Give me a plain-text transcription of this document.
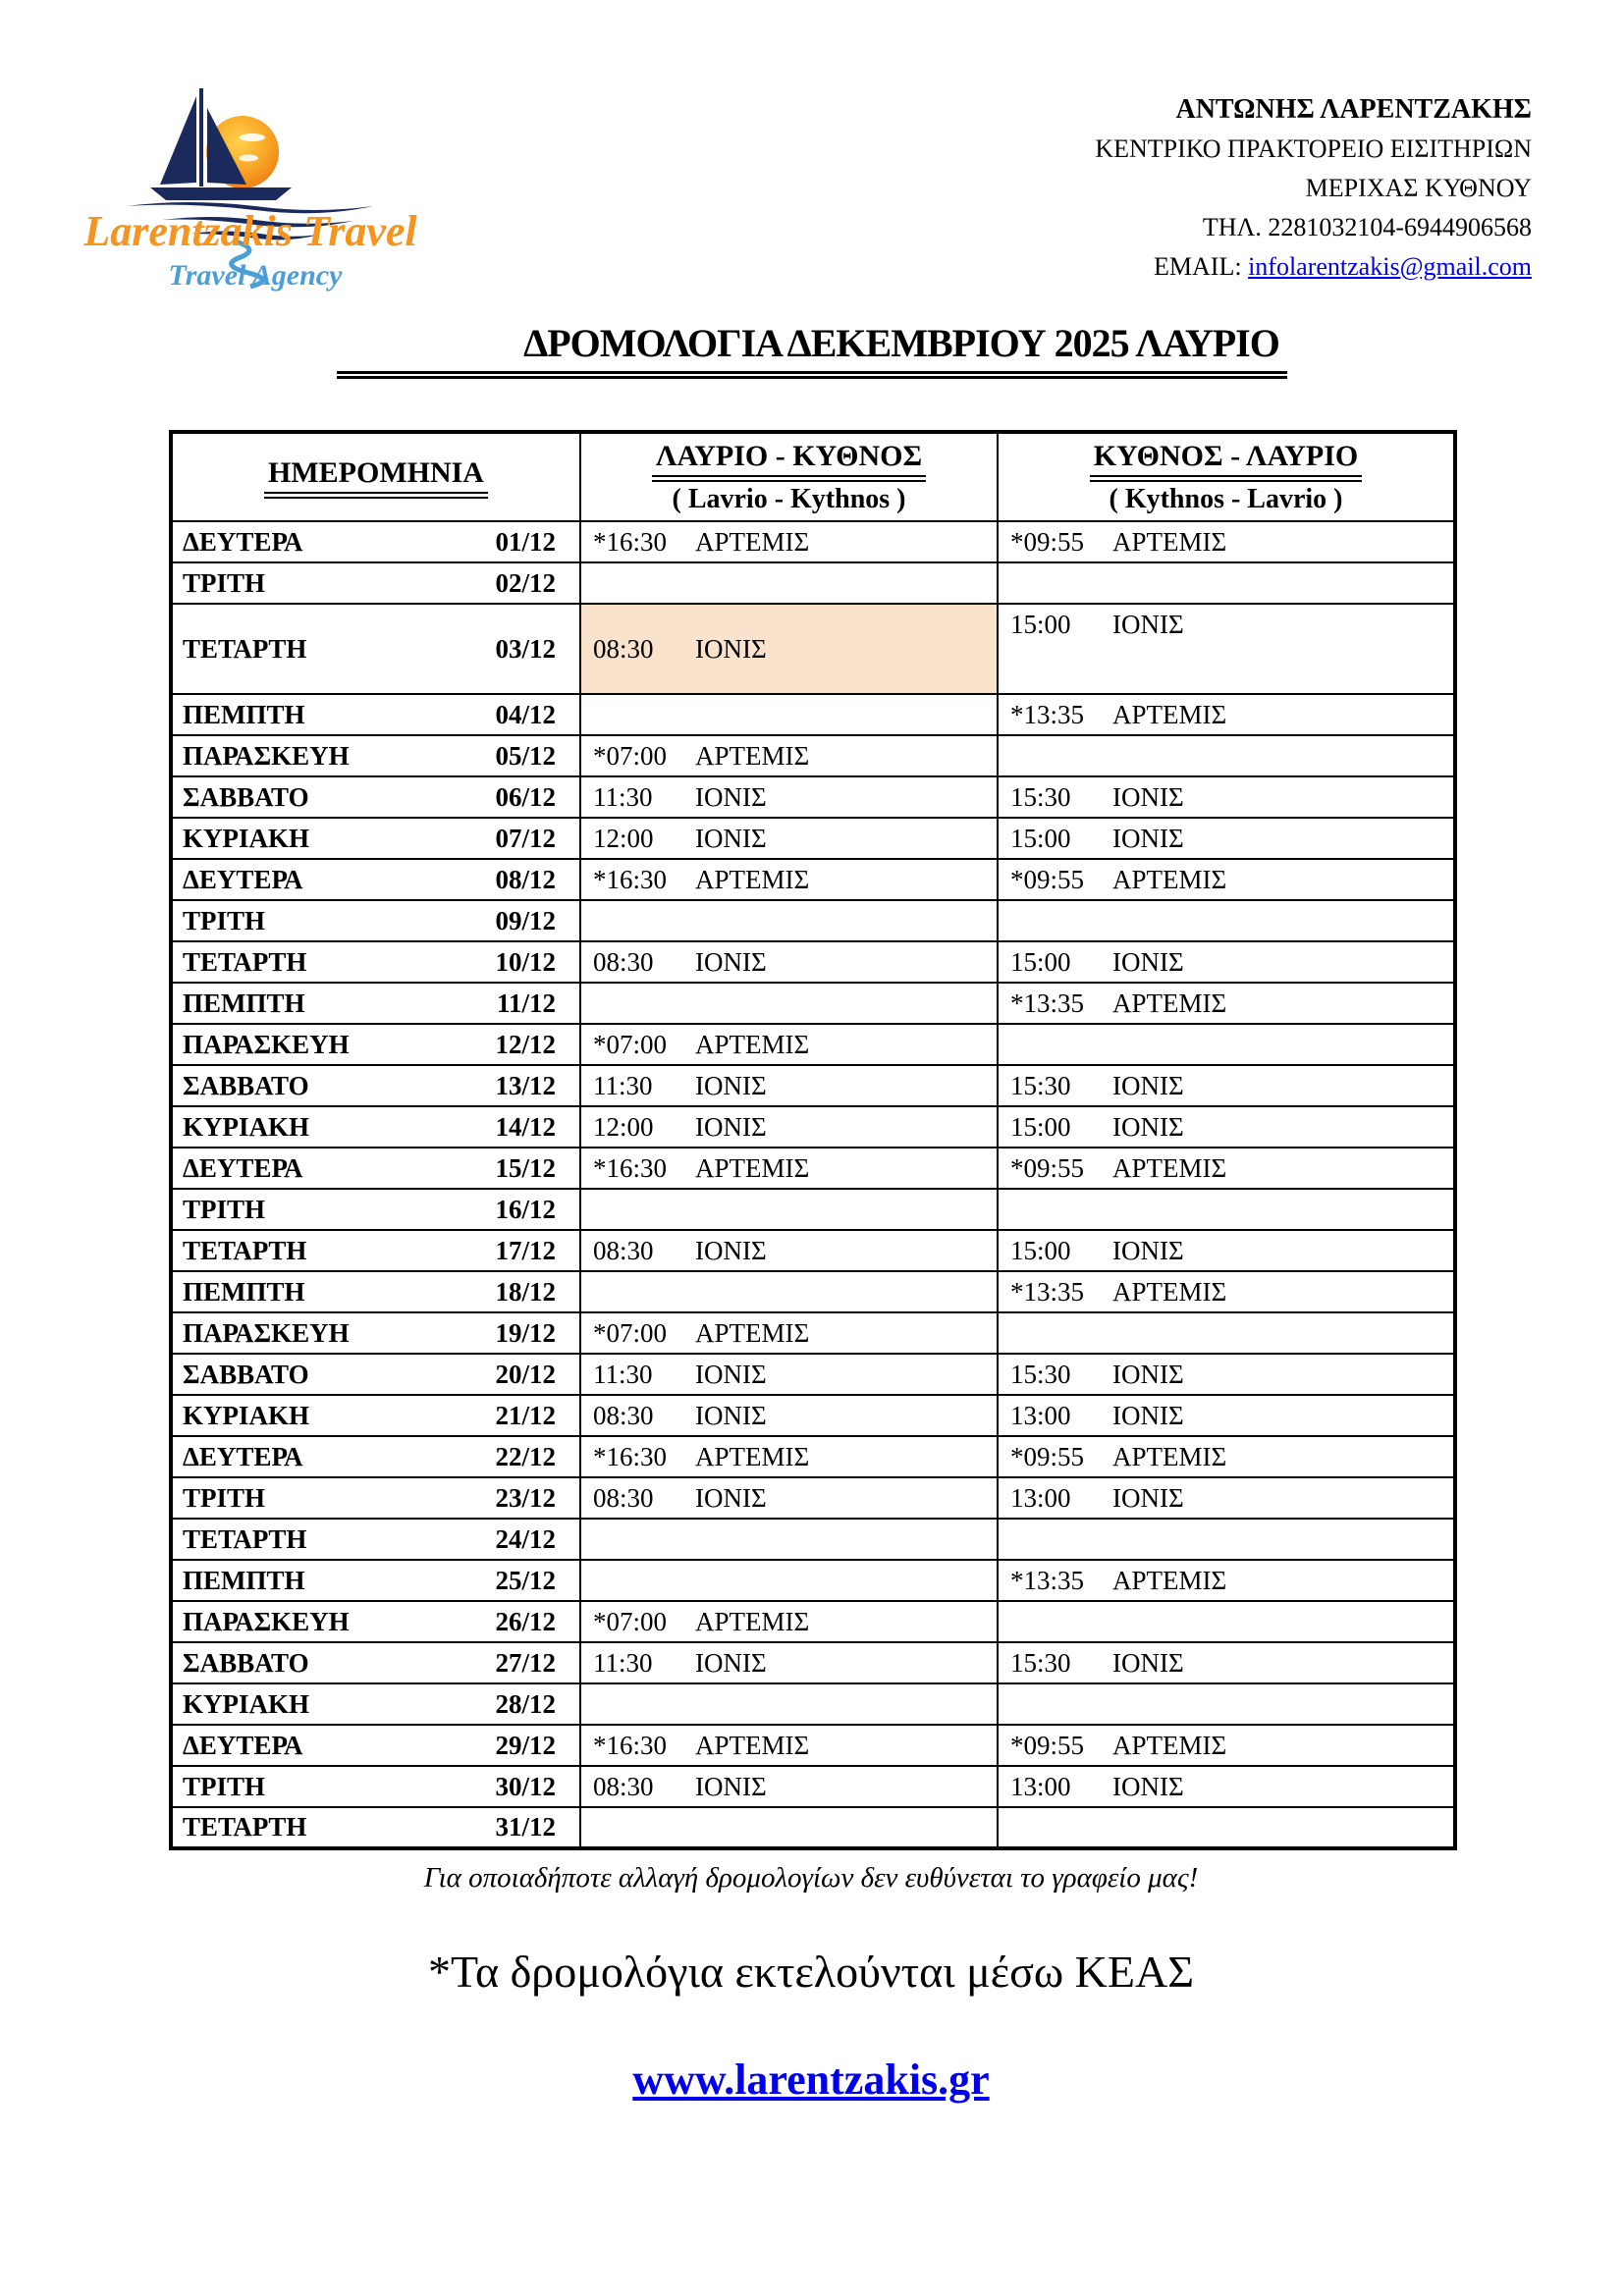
Larentzakis Travel
Travel Agency
ΑΝΤΩΝΗΣ ΛΑΡΕΝΤΖΑΚΗΣ
ΚΕΝΤΡΙΚΟ ΠΡΑΚΤΟΡΕΙΟ ΕΙΣΙΤΗΡΙΩΝ
ΜΕΡΙΧΑΣ ΚΥΘΝΟΥ
ΤΗΛ. 2281032104-6944906568
EMAIL: infolarentzakis@gmail.com
ΔΡΟΜΟΛΟΓΙΑ ΔΕΚΕΜΒΡΙΟΥ 2025 ΛΑΥΡΙΟ
ΗΜΕΡΟΜΗΝΙΑ	
ΛΑΥΡΙΟ - ΚΥΘΝΟΣ
( Lavrio - Kythnos )

ΚΥΘΝΟΣ - ΛΑΥΡΙΟ
( Kythnos - Lavrio )

ΔΕΥΤΕΡΑ 01/12	*16:30 ΑΡΤΕΜΙΣ	*09:55 ΑΡΤΕΜΙΣ

ΤΡΙΤΗ 02/12		

ΤΕΤΑΡΤΗ 03/12	08:30 ΙΟΝΙΣ	15:00 ΙΟΝΙΣ

ΠΕΜΠΤΗ 04/12		*13:35 ΑΡΤΕΜΙΣ

ΠΑΡΑΣΚΕΥΗ 05/12	*07:00 ΑΡΤΕΜΙΣ	

ΣΑΒΒΑΤΟ 06/12	11:30 ΙΟΝΙΣ	15:30 ΙΟΝΙΣ

ΚΥΡΙΑΚΗ 07/12	12:00 ΙΟΝΙΣ	15:00 ΙΟΝΙΣ

ΔΕΥΤΕΡΑ 08/12	*16:30 ΑΡΤΕΜΙΣ	*09:55 ΑΡΤΕΜΙΣ

ΤΡΙΤΗ 09/12		

ΤΕΤΑΡΤΗ 10/12	08:30 ΙΟΝΙΣ	15:00 ΙΟΝΙΣ

ΠΕΜΠΤΗ 11/12		*13:35 ΑΡΤΕΜΙΣ

ΠΑΡΑΣΚΕΥΗ 12/12	*07:00 ΑΡΤΕΜΙΣ	

ΣΑΒΒΑΤΟ 13/12	11:30 ΙΟΝΙΣ	15:30 ΙΟΝΙΣ

ΚΥΡΙΑΚΗ 14/12	12:00 ΙΟΝΙΣ	15:00 ΙΟΝΙΣ

ΔΕΥΤΕΡΑ 15/12	*16:30 ΑΡΤΕΜΙΣ	*09:55 ΑΡΤΕΜΙΣ

ΤΡΙΤΗ 16/12		

ΤΕΤΑΡΤΗ 17/12	08:30 ΙΟΝΙΣ	15:00 ΙΟΝΙΣ

ΠΕΜΠΤΗ 18/12		*13:35 ΑΡΤΕΜΙΣ

ΠΑΡΑΣΚΕΥΗ 19/12	*07:00 ΑΡΤΕΜΙΣ	

ΣΑΒΒΑΤΟ 20/12	11:30 ΙΟΝΙΣ	15:30 ΙΟΝΙΣ

ΚΥΡΙΑΚΗ 21/12	08:30 ΙΟΝΙΣ	13:00 ΙΟΝΙΣ

ΔΕΥΤΕΡΑ 22/12	*16:30 ΑΡΤΕΜΙΣ	*09:55 ΑΡΤΕΜΙΣ

ΤΡΙΤΗ 23/12	08:30 ΙΟΝΙΣ	13:00 ΙΟΝΙΣ

ΤΕΤΑΡΤΗ 24/12		

ΠΕΜΠΤΗ 25/12		*13:35 ΑΡΤΕΜΙΣ

ΠΑΡΑΣΚΕΥΗ 26/12	*07:00 ΑΡΤΕΜΙΣ	

ΣΑΒΒΑΤΟ 27/12	11:30 ΙΟΝΙΣ	15:30 ΙΟΝΙΣ

ΚΥΡΙΑΚΗ 28/12		

ΔΕΥΤΕΡΑ 29/12	*16:30 ΑΡΤΕΜΙΣ	*09:55 ΑΡΤΕΜΙΣ

ΤΡΙΤΗ 30/12	08:30 ΙΟΝΙΣ	13:00 ΙΟΝΙΣ

ΤΕΤΑΡΤΗ 31/12		

Για οποιαδήποτε αλλαγή δρομολογίων δεν ευθύνεται το γραφείο μας!
*Τα δρομολόγια εκτελούνται μέσω ΚΕΑΣ
www.larentzakis.gr
